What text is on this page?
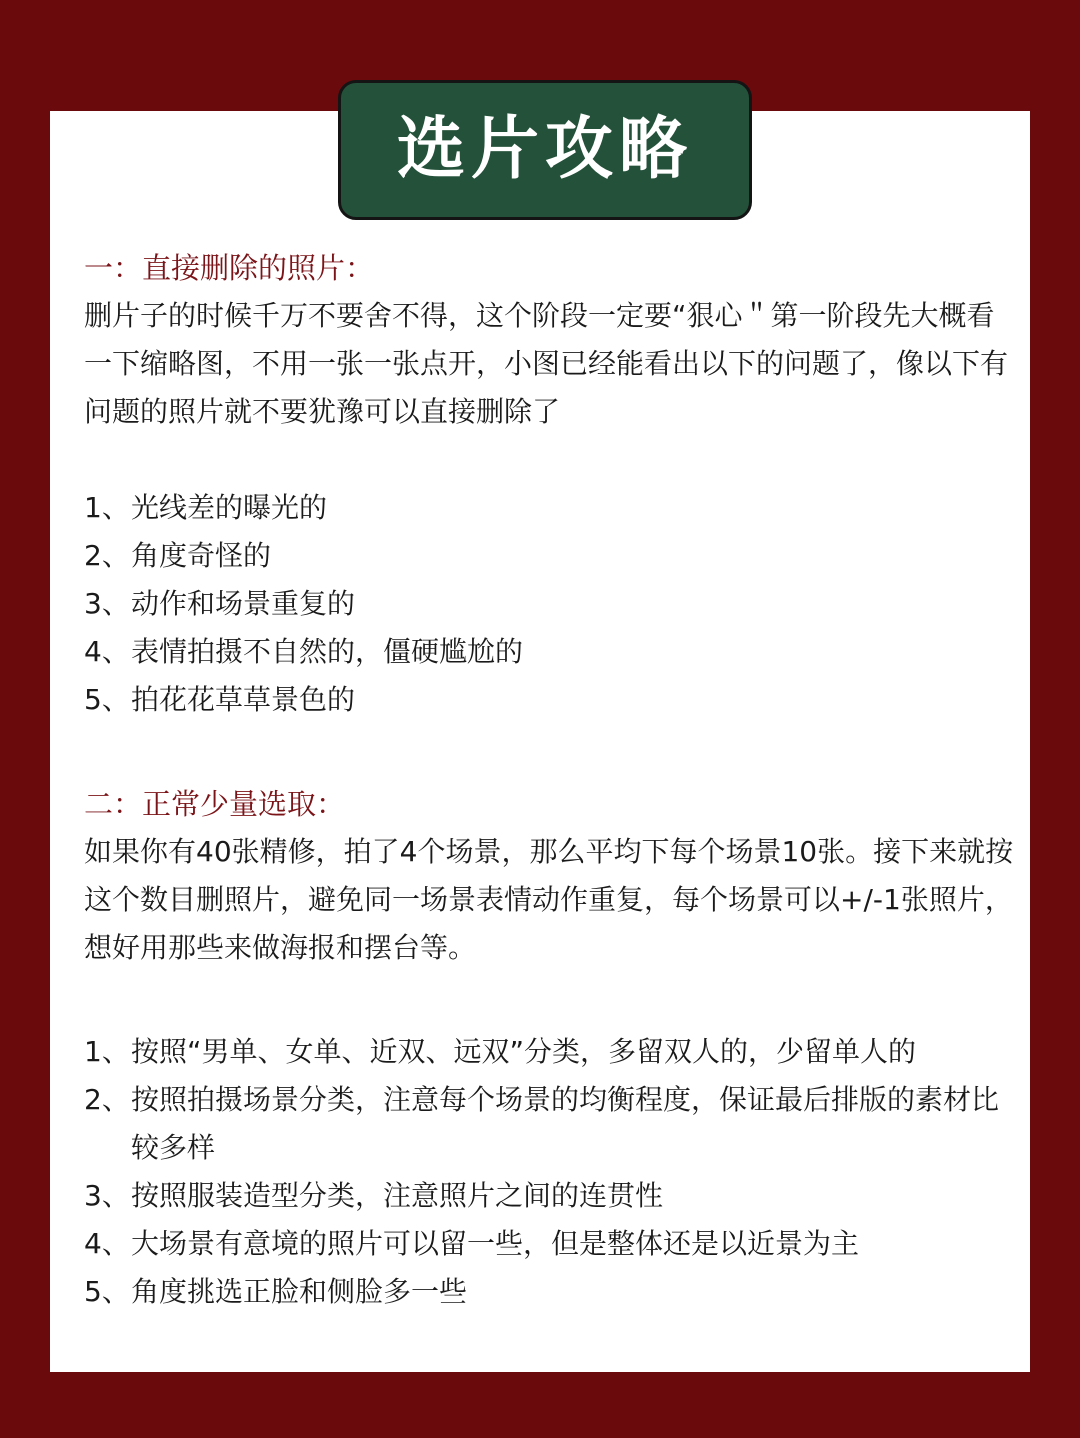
选片攻略

一：直接删除的照片：

删片子的时候千万不要舍不得，这个阶段一定要“狠心＂第一阶段先大概看一下缩略图，不用一张一张点开，小图已经能看出以下的问题了，像以下有问题的照片就不要犹豫可以直接删除了

1、 光线差的曝光的
2、 角度奇怪的
3、 动作和场景重复的
4、 表情拍摄不自然的，僵硬尴尬的
5、 拍花花草草景色的

二：正常少量选取：

如果你有40张精修，拍了4个场景，那么平均下每个场景10张。接下来就按这个数目删照片，避免同一场景表情动作重复，每个场景可以+/-1张照片，想好用那些来做海报和摆台等。

1、 按照“男单、女单、近双、远双”分类，多留双人的，少留单人的
2、 按照拍摄场景分类，注意每个场景的均衡程度，保证最后排版的素材比较多样
3、 按照服装造型分类，注意照片之间的连贯性
4、 大场景有意境的照片可以留一些，但是整体还是以近景为主
5、 角度挑选正脸和侧脸多一些
